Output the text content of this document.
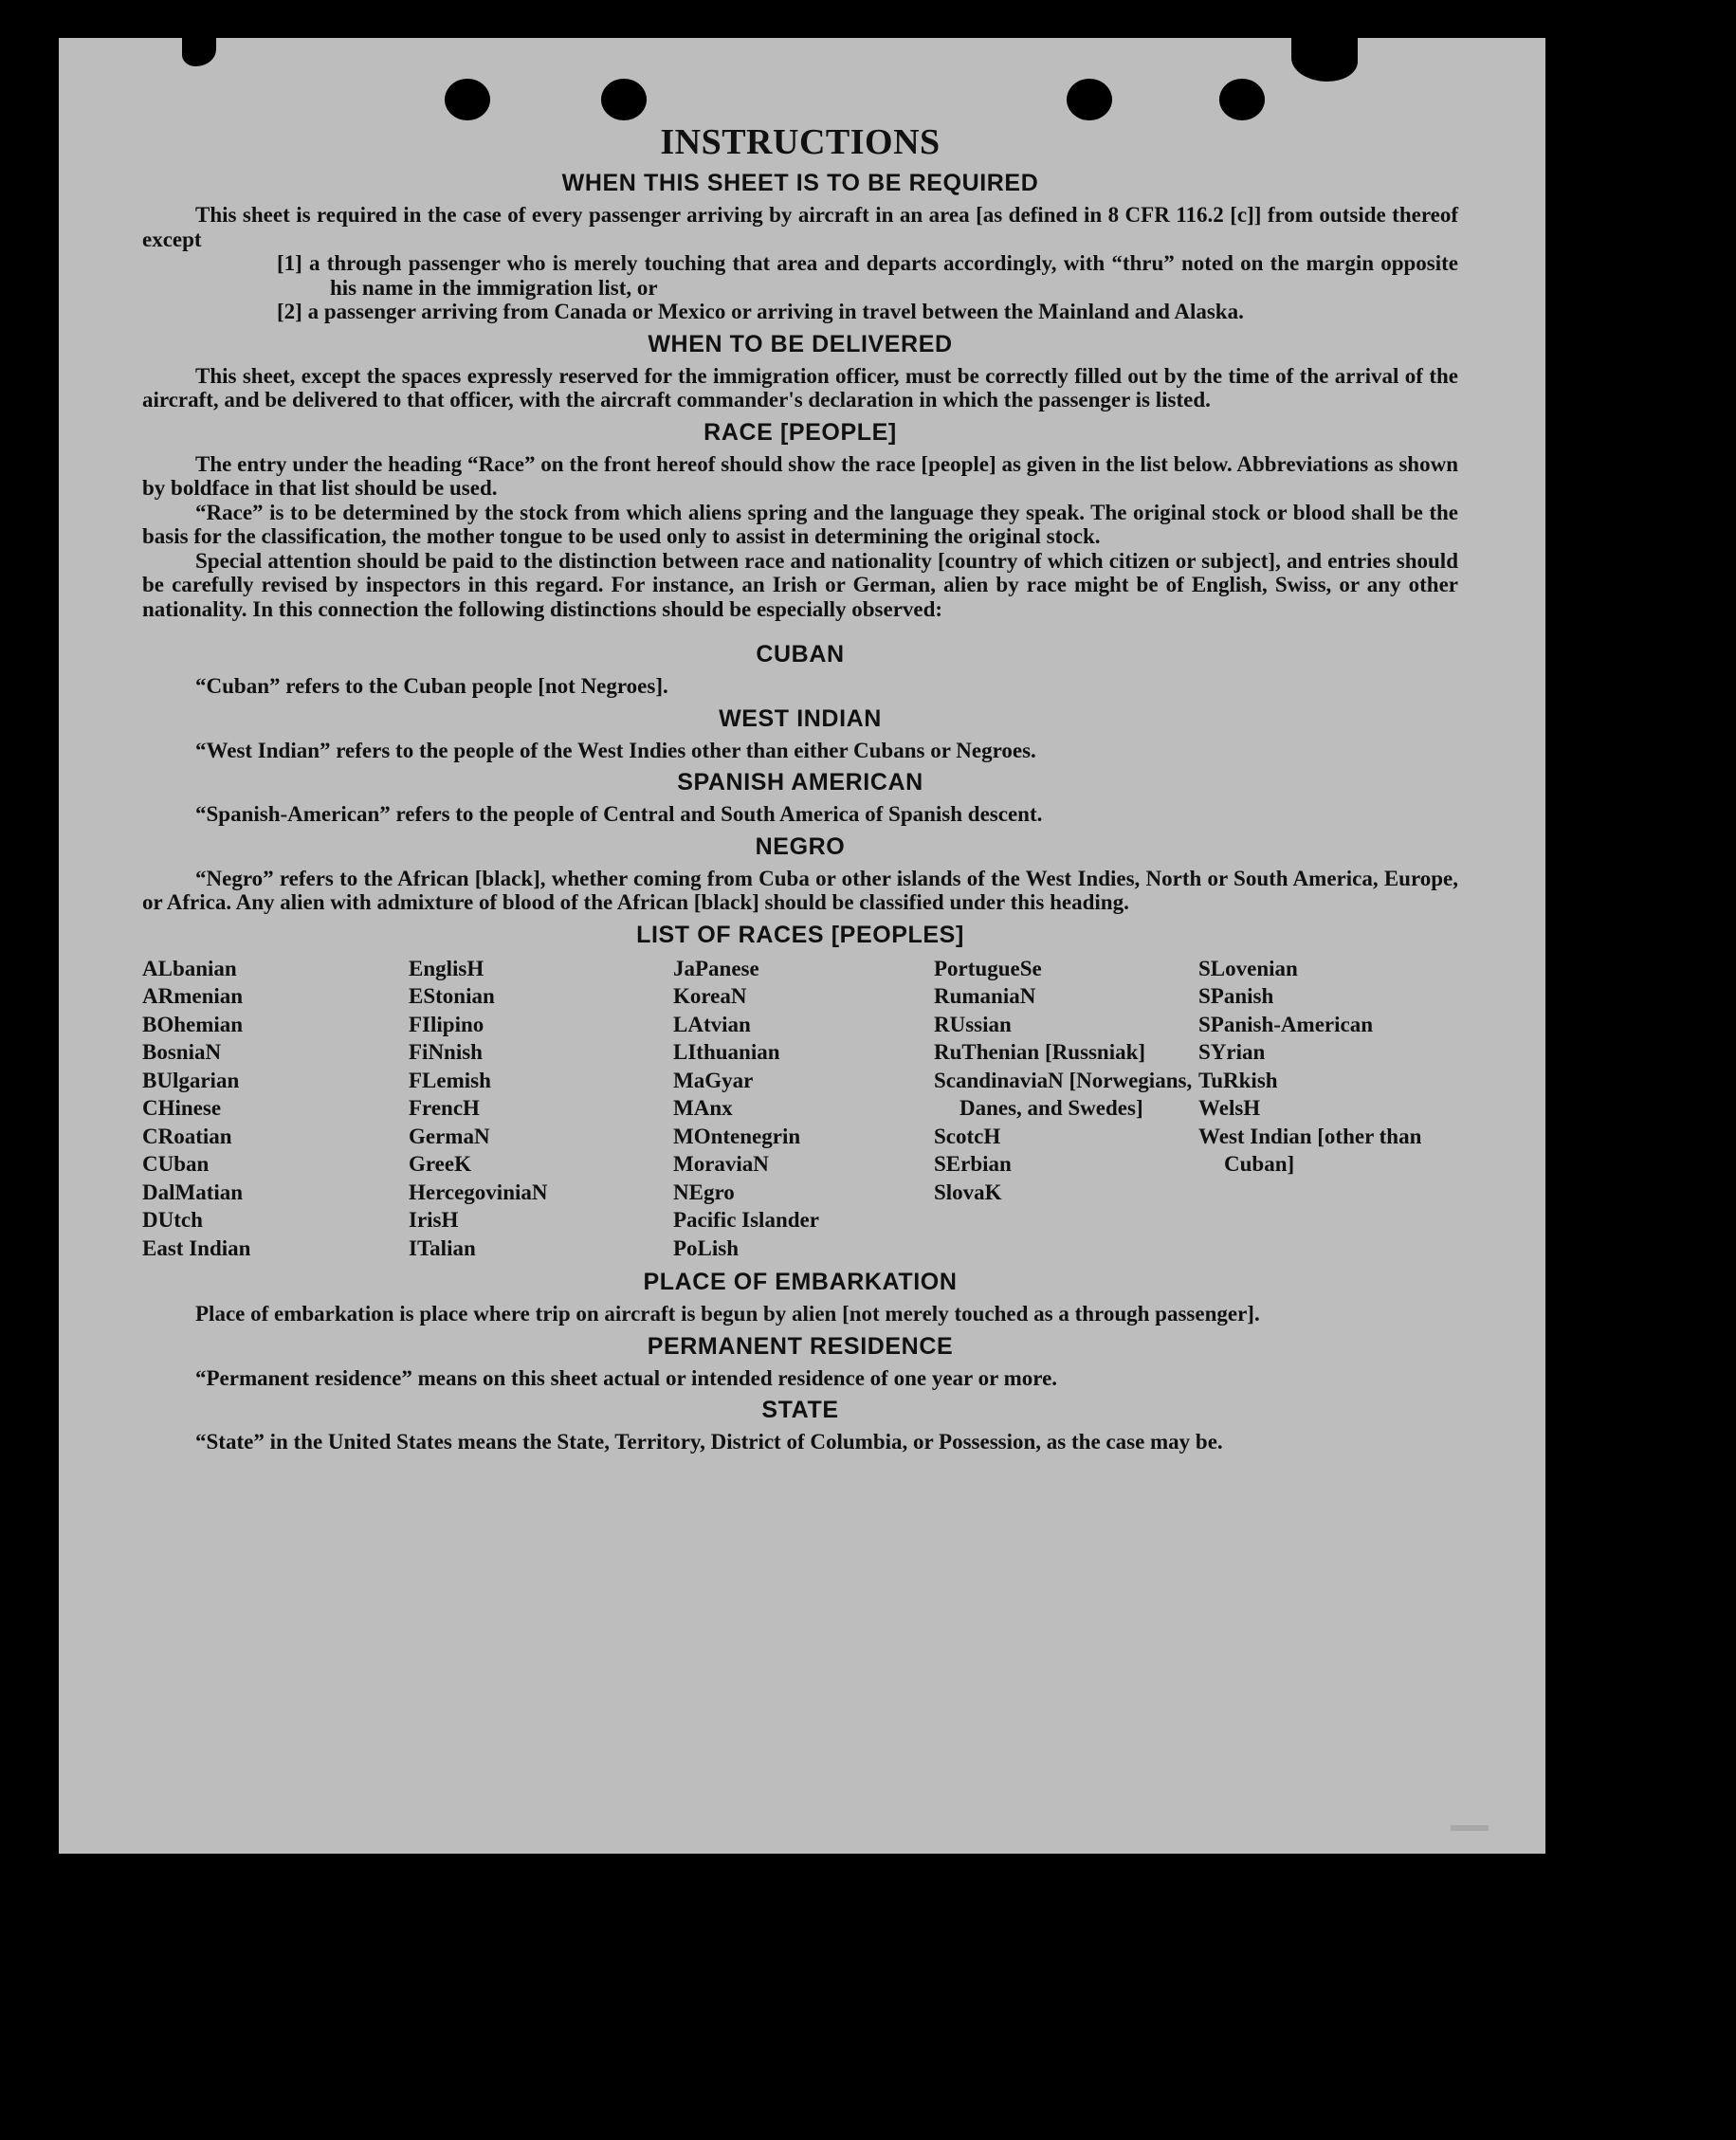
INSTRUCTIONS
WHEN THIS SHEET IS TO BE REQUIRED

This sheet is required in the case of every passenger arriving by aircraft in an area [as defined in 8 CFR 116.2 [c]] from outside thereof except

[1] a through passenger who is merely touching that area and departs accordingly, with “thru” noted on the margin opposite his name in the immigration list, or
[2] a passenger arriving from Canada or Mexico or arriving in travel between the Mainland and Alaska.
WHEN TO BE DELIVERED

This sheet, except the spaces expressly reserved for the immigration officer, must be correctly filled out by the time of the arrival of the aircraft, and be delivered to that officer, with the aircraft commander's declaration in which the passenger is listed.

RACE [PEOPLE]

The entry under the heading “Race” on the front hereof should show the race [people] as given in the list below. Abbreviations as shown by boldface in that list should be used.

“Race” is to be determined by the stock from which aliens spring and the language they speak. The original stock or blood shall be the basis for the classification, the mother tongue to be used only to assist in determining the original stock.

Special attention should be paid to the distinction between race and nationality [country of which citizen or subject], and entries should be carefully revised by inspectors in this regard. For instance, an Irish or German, alien by race might be of English, Swiss, or any other nationality. In this connection the following distinctions should be especially observed:

CUBAN

“Cuban” refers to the Cuban people [not Negroes].

WEST INDIAN

“West Indian” refers to the people of the West Indies other than either Cubans or Negroes.

SPANISH AMERICAN

“Spanish-American” refers to the people of Central and South America of Spanish descent.

NEGRO

“Negro” refers to the African [black], whether coming from Cuba or other islands of the West Indies, North or South America, Europe, or Africa. Any alien with admixture of blood of the African [black] should be classified under this heading.

LIST OF RACES [PEOPLES]
ALbanian
ARmenian
BOhemian
BosniaN
BUlgarian
CHinese
CRoatian
CUban
DalMatian
DUtch
East Indian
EnglisH
EStonian
FIlipino
FiNnish
FLemish
FrencH
GermaN
GreeK
HercegoviniaN
IrisH
ITalian
JaPanese
KoreaN
LAtvian
LIthuanian
MaGyar
MAnx
MOntenegrin
MoraviaN
NEgro
Pacific Islander
PoLish
PortugueSe
RumaniaN
RUssian
RuThenian [Russniak]
ScandinaviaN [Norwegians, Danes, and Swedes]
ScotcH
SErbian
SlovaK
SLovenian
SPanish
SPanish-American
SYrian
TuRkish
WelsH
West Indian [other than Cuban]
PLACE OF EMBARKATION

Place of embarkation is place where trip on aircraft is begun by alien [not merely touched as a through passenger].

PERMANENT RESIDENCE

“Permanent residence” means on this sheet actual or intended residence of one year or more.

STATE

“State” in the United States means the State, Territory, District of Columbia, or Possession, as the case may be.
